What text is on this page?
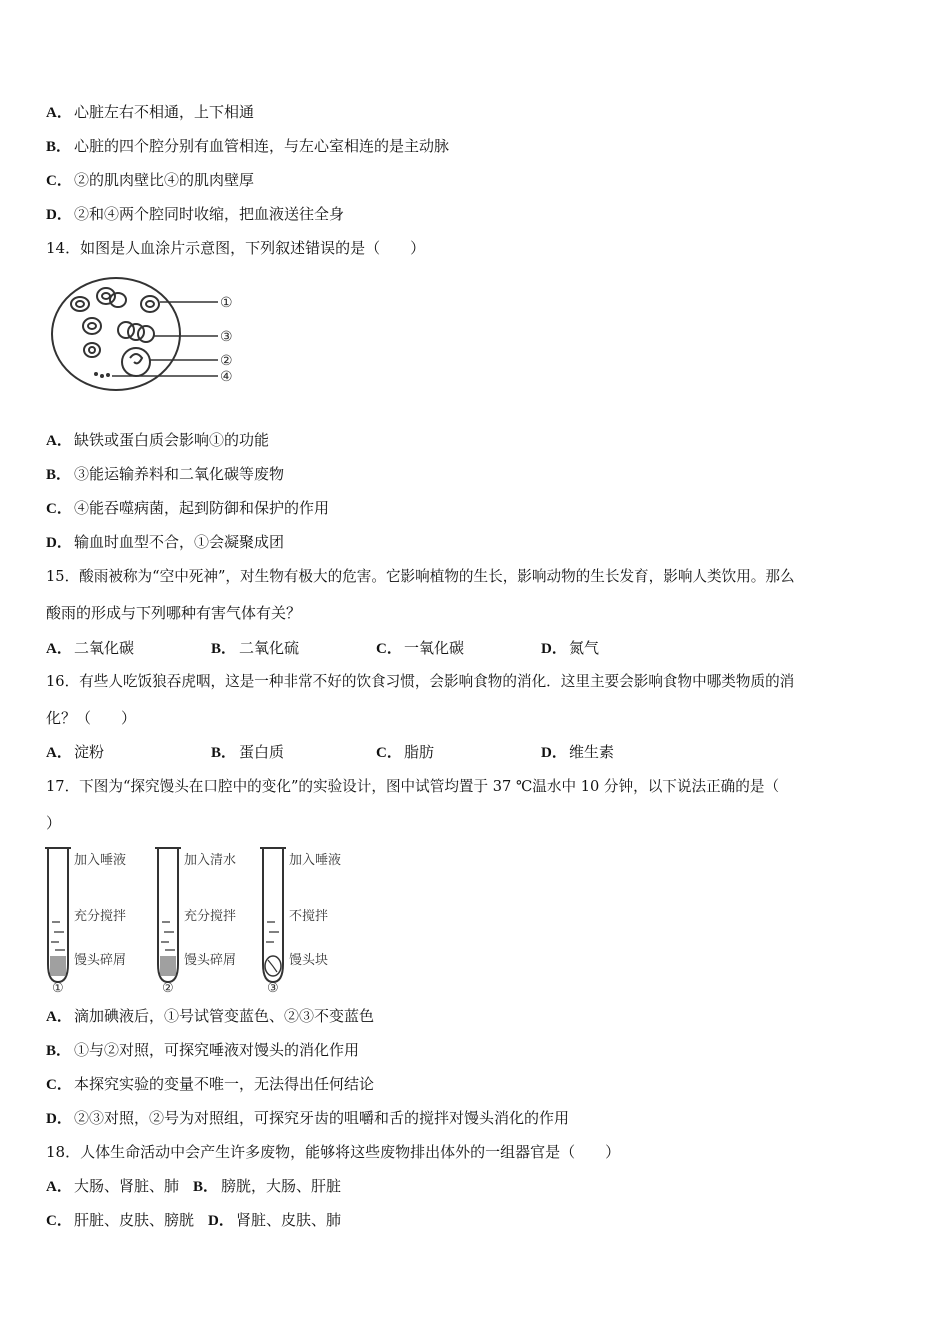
A． 心脏左右不相通，上下相通
B． 心脏的四个腔分别有血管相连，与左心室相连的是主动脉
C． ②的肌肉壁比④的肌肉壁厚
D． ②和④两个腔同时收缩，把血液送往全身
14．如图是人血涂片示意图，下列叙述错误的是（　　）
①
③
②
④
A． 缺铁或蛋白质会影响①的功能
B． ③能运输养料和二氧化碳等废物
C． ④能吞噬病菌，起到防御和保护的作用
D． 输血时血型不合，①会凝聚成团
15．酸雨被称为“空中死神”，对生物有极大的危害。它影响植物的生长，影响动物的生长发育，影响人类饮用。那么
酸雨的形成与下列哪种有害气体有关？
A． 二氧化碳	B． 二氧化硫	C． 一氧化碳	D． 氮气
16．有些人吃饭狼吞虎咽，这是一种非常不好的饮食习惯，会影响食物的消化．这里主要会影响食物中哪类物质的消
化？（　　）
A． 淀粉	B． 蛋白质	C． 脂肪	D． 维生素
17．下图为“探究馒头在口腔中的变化”的实验设计，图中试管均置于 37 ℃温水中 10 分钟，以下说法正确的是（
）
加入唾液
充分搅拌
馒头碎屑
①
加入清水
充分搅拌
馒头碎屑
②
加入唾液
不搅拌
馒头块
③
A． 滴加碘液后，①号试管变蓝色、②③不变蓝色
B． ①与②对照，可探究唾液对馒头的消化作用
C． 本探究实验的变量不唯一，无法得出任何结论
D． ②③对照，②号为对照组，可探究牙齿的咀嚼和舌的搅拌对馒头消化的作用
18．人体生命活动中会产生许多废物，能够将这些废物排出体外的一组器官是（　　）
A． 大肠、肾脏、肺 B． 膀胱，大肠、肝脏
C． 肝脏、皮肤、膀胱 D． 肾脏、皮肤、肺
